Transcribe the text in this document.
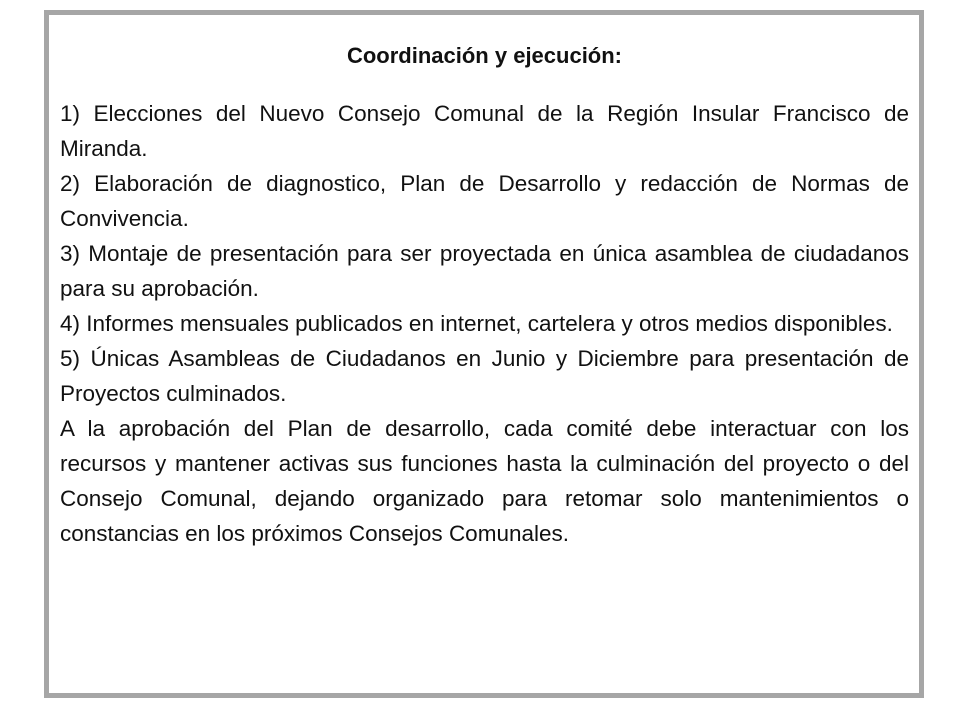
Coordinación y ejecución:

1) Elecciones del Nuevo Consejo Comunal de la Región Insular Francisco de Miranda.

2) Elaboración de diagnostico, Plan de Desarrollo y redacción de Normas de Convivencia.

3) Montaje de presentación para ser proyectada en única asamblea de ciudadanos para su aprobación.

4) Informes mensuales publicados en internet, cartelera y otros medios disponibles.

5) Únicas Asambleas de Ciudadanos en Junio y Diciembre para presentación de Proyectos culminados.

A la aprobación del Plan de desarrollo, cada comité debe interactuar con los recursos y mantener activas sus funciones hasta la culminación del proyecto o del Consejo Comunal, dejando organizado para retomar solo mantenimientos o constancias en los próximos Consejos Comunales.
